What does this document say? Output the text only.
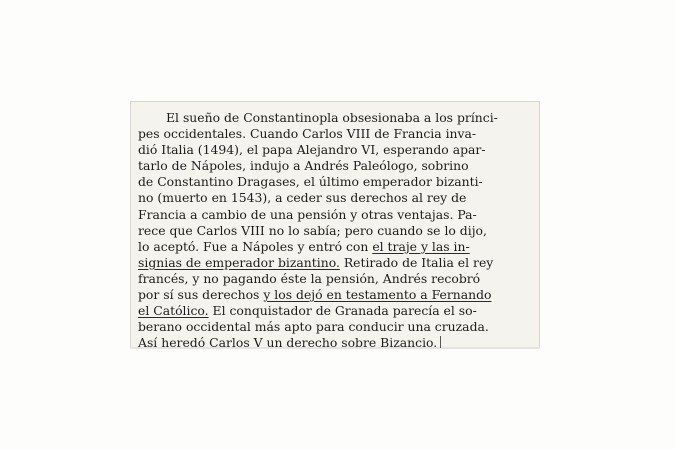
El sueño de Constantinopla obsesionaba a los prínci-
pes occidentales. Cuando Carlos VIII de Francia inva-
dió Italia (1494), el papa Alejandro VI, esperando apar-
tarlo de Nápoles, indujo a Andrés Paleólogo, sobrino
de Constantino Dragases, el último emperador bizanti-
no (muerto en 1543), a ceder sus derechos al rey de
Francia a cambio de una pensión y otras ventajas. Pa-
rece que Carlos VIII no lo sabía; pero cuando se lo dijo,
lo aceptó. Fue a Nápoles y entró con el traje y las in-
signias de emperador bizantino. Retirado de Italia el rey
francés, y no pagando éste la pensión, Andrés recobró
por sí sus derechos y los dejó en testamento a Fernando
el Católico. El conquistador de Granada parecía el so-
berano occidental más apto para conducir una cruzada.
Así heredó Carlos V un derecho sobre Bizancio.
